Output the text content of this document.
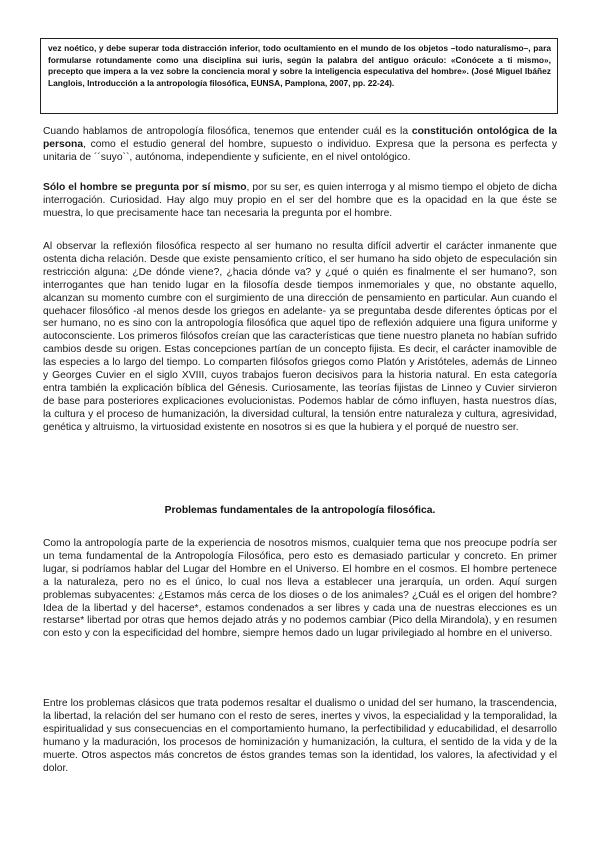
vez noético, y debe superar toda distracción inferior, todo ocultamiento en el mundo de los objetos –todo naturalismo–, para formularse rotundamente como una disciplina sui iuris, según la palabra del antiguo oráculo: «Conócete a ti mismo», precepto que impera a la vez sobre la conciencia moral y sobre la inteligencia especulativa del hombre». (José Miguel Ibáñez Langlois, Introducción a la antropología filosófica, EUNSA, Pamplona, 2007, pp. 22-24).

Cuando hablamos de antropología filosófica, tenemos que entender cuál es la constitución ontológica de la persona, como el estudio general del hombre, supuesto o individuo. Expresa que la persona es perfecta y unitaria de ´´suyo``, autónoma, independiente y suficiente, en el nivel ontológico.

Sólo el hombre se pregunta por sí mismo, por su ser, es quien interroga y al mismo tiempo el objeto de dicha interrogación. Curiosidad. Hay algo muy propio en el ser del hombre que es la opacidad en la que éste se muestra, lo que precisamente hace tan necesaria la pregunta por el hombre.

Al observar la reflexión filosófica respecto al ser humano no resulta difícil advertir el carácter inmanente que ostenta dicha relación. Desde que existe pensamiento crítico, el ser humano ha sido objeto de especulación sin restricción alguna: ¿De dónde viene?, ¿hacia dónde va? y ¿qué o quién es finalmente el ser humano?, son interrogantes que han tenido lugar en la filosofía desde tiempos inmemoriales y que, no obstante aquello, alcanzan su momento cumbre con el surgimiento de una dirección de pensamiento en particular. Aun cuando el quehacer filosófico -al menos desde los griegos en adelante- ya se preguntaba desde diferentes ópticas por el ser humano, no es sino con la antropología filosófica que aquel tipo de reflexión adquiere una figura uniforme y autoconsciente. Los primeros filósofos creían que las características que tiene nuestro planeta no habían sufrido cambios desde su origen. Estas concepciones partían de un concepto fijista. Es decir, el carácter inamovible de las especies a lo largo del tiempo. Lo comparten filósofos griegos como Platón y Aristóteles, además de Linneo y Georges Cuvier en el siglo XVIII, cuyos trabajos fueron decisivos para la historia natural. En esta categoría entra también la explicación bíblica del Génesis. Curiosamente, las teorías fijistas de Linneo y Cuvier sirvieron de base para posteriores explicaciones evolucionistas. Podemos hablar de cómo influyen, hasta nuestros días, la cultura y el proceso de humanización, la diversidad cultural, la tensión entre naturaleza y cultura, agresividad, genética y altruismo, la virtuosidad existente en nosotros si es que la hubiera y el porqué de nuestro ser.

Problemas fundamentales de la antropología filosófica.

Como la antropología parte de la experiencia de nosotros mismos, cualquier tema que nos preocupe podría ser un tema fundamental de la Antropología Filosófica, pero esto es demasiado particular y concreto. En primer lugar, si podríamos hablar del Lugar del Hombre en el Universo. El hombre en el cosmos. El hombre pertenece a la naturaleza, pero no es el único, lo cual nos lleva a establecer una jerarquía, un orden. Aquí surgen problemas subyacentes: ¿Estamos más cerca de los dioses o de los animales? ¿Cuál es el origen del hombre? Idea de la libertad y del hacerse*, estamos condenados a ser libres y cada una de nuestras elecciones es un restarse* libertad por otras que hemos dejado atrás y no podemos cambiar (Pico della Mirandola), y en resumen con esto y con la especificidad del hombre, siempre hemos dado un lugar privilegiado al hombre en el universo.

Entre los problemas clásicos que trata podemos resaltar el dualismo o unidad del ser humano, la trascendencia, la libertad, la relación del ser humano con el resto de seres, inertes y vivos, la especialidad y la temporalidad, la espiritualidad y sus consecuencias en el comportamiento humano, la perfectibilidad y educabilidad, el desarrollo humano y la maduración, los procesos de hominización y humanización, la cultura, el sentido de la vida y de la muerte. Otros aspectos más concretos de éstos grandes temas son la identidad, los valores, la afectividad y el dolor.
